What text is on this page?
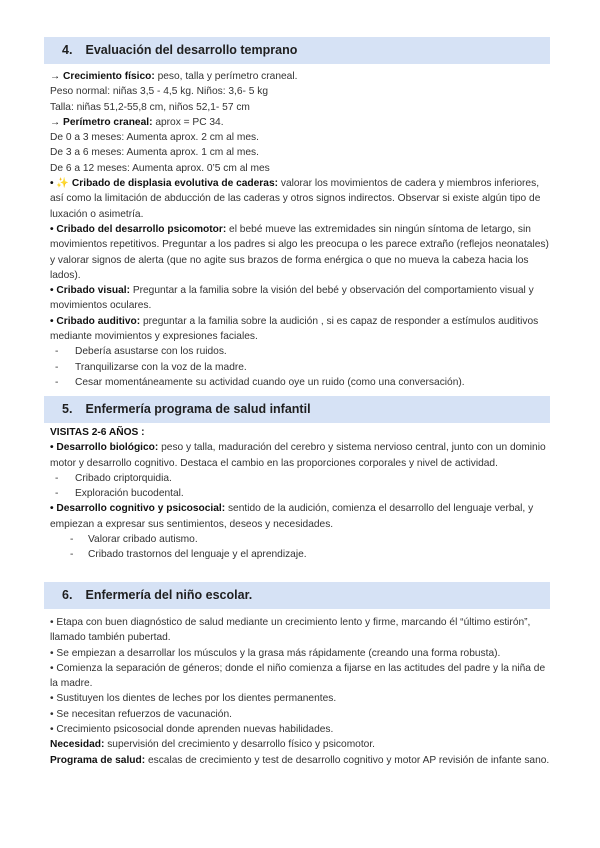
4. Evaluación del desarrollo temprano

→ Crecimiento físico: peso, talla y perímetro craneal.

Peso normal: niñas 3,5 - 4,5 kg. Niños: 3,6- 5 kg

Talla: niñas 51,2-55,8 cm, niños 52,1- 57 cm

→ Perímetro craneal: aprox = PC 34.

De 0 a 3 meses: Aumenta aprox. 2 cm al mes.

De 3 a 6 meses: Aumenta aprox. 1 cm al mes.

De 6 a 12 meses: Aumenta aprox. 0’5 cm al mes

• ✨ Cribado de displasia evolutiva de caderas: valorar los movimientos de cadera y miembros inferiores, así como la limitación de abducción de las caderas y otros signos indirectos. Observar si existe algún tipo de luxación o asimetría.

• Cribado del desarrollo psicomotor: el bebé mueve las extremidades sin ningún síntoma de letargo, sin movimientos repetitivos. Preguntar a los padres si algo les preocupa o les parece extraño (reflejos neonatales) y valorar signos de alerta (que no agite sus brazos de forma enérgica o que no mueva la cabeza hacia los lados).

• Cribado visual: Preguntar a la familia sobre la visión del bebé y observación del comportamiento visual y movimientos oculares.

• Cribado auditivo: preguntar a la familia sobre la audición , si es capaz de responder a estímulos auditivos mediante movimientos y expresiones faciales.

- Debería asustarse con los ruidos.

- Tranquilizarse con la voz de la madre.

- Cesar momentáneamente su actividad cuando oye un ruido (como una conversación).

5. Enfermería programa de salud infantil

VISITAS 2-6 AÑOS :

• Desarrollo biológico: peso y talla, maduración del cerebro y sistema nervioso central, junto con un dominio motor y desarrollo cognitivo. Destaca el cambio en las proporciones corporales y nivel de actividad.

- Cribado criptorquidia.

- Exploración bucodental.

• Desarrollo cognitivo y psicosocial: sentido de la audición, comienza el desarrollo del lenguaje verbal, y empiezan a expresar sus sentimientos, deseos y necesidades.

- Valorar cribado autismo.

- Cribado trastornos del lenguaje y el aprendizaje.

6. Enfermería del niño escolar.

• Etapa con buen diagnóstico de salud mediante un crecimiento lento y firme, marcando él “último estirón”, llamado también pubertad.

• Se empiezan a desarrollar los músculos y la grasa más rápidamente (creando una forma robusta).

• Comienza la separación de géneros; donde el niño comienza a fijarse en las actitudes del padre y la niña de la madre.

• Sustituyen los dientes de leches por los dientes permanentes.

• Se necesitan refuerzos de vacunación.

• Crecimiento psicosocial donde aprenden nuevas habilidades.

Necesidad: supervisión del crecimiento y desarrollo físico y psicomotor.

Programa de salud: escalas de crecimiento y test de desarrollo cognitivo y motor AP revisión de infante sano.
